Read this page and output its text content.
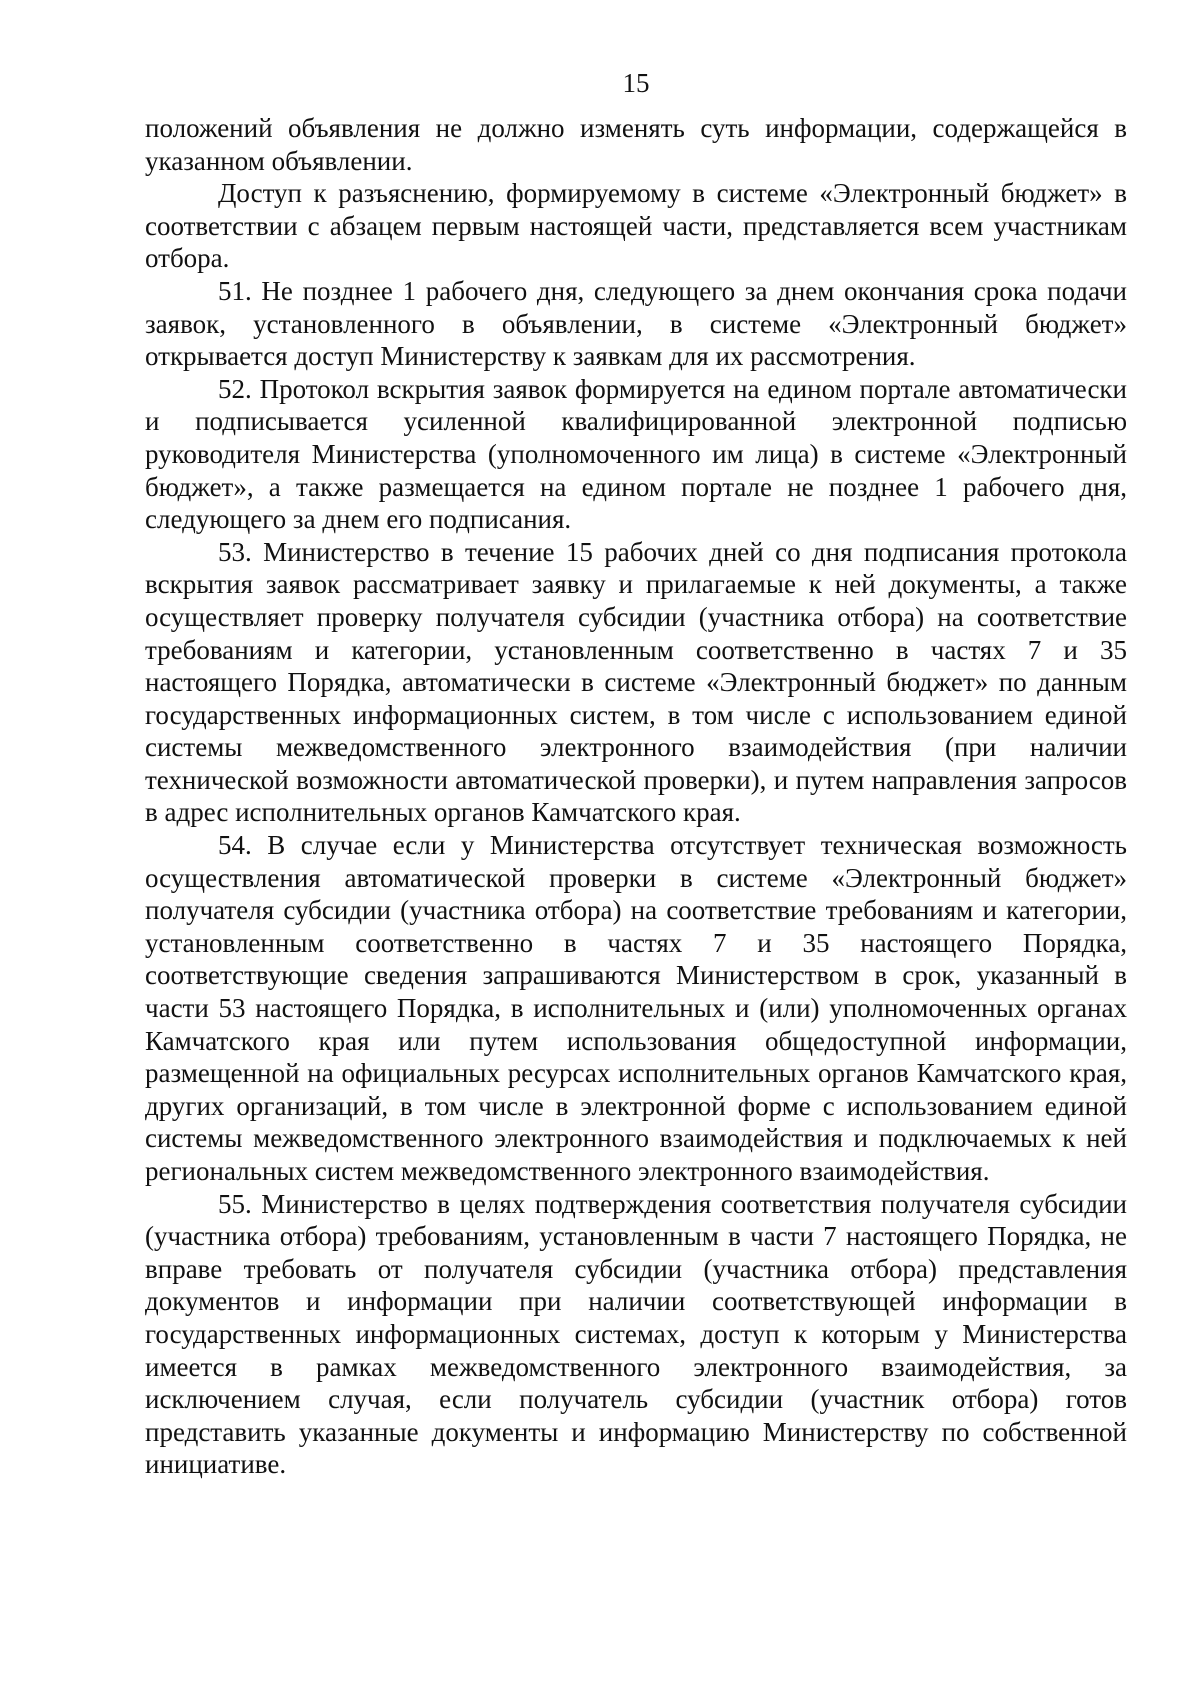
15

положений объявления не должно изменять суть информации, содержащейся в указанном объявлении.

Доступ к разъяснению, формируемому в системе «Электронный бюджет» в соответствии с абзацем первым настоящей части, представляется всем участникам отбора.

51. Не позднее 1 рабочего дня, следующего за днем окончания срока подачи заявок, установленного в объявлении, в системе «Электронный бюджет» открывается доступ Министерству к заявкам для их рассмотрения.

52. Протокол вскрытия заявок формируется на едином портале автоматически и подписывается усиленной квалифицированной электронной подписью руководителя Министерства (уполномоченного им лица) в системе «Электронный бюджет», а также размещается на едином портале не позднее 1 рабочего дня, следующего за днем его подписания.

53. Министерство в течение 15 рабочих дней со дня подписания протокола вскрытия заявок рассматривает заявку и прилагаемые к ней документы, а также осуществляет проверку получателя субсидии (участника отбора) на соответствие требованиям и категории, установленным соответственно в частях 7 и 35 настоящего Порядка, автоматически в системе «Электронный бюджет» по данным государственных информационных систем, в том числе с использованием единой системы межведомственного электронного взаимодействия (при наличии технической возможности автоматической проверки), и путем направления запросов в адрес исполнительных органов Камчатского края.

54. В случае если у Министерства отсутствует техническая возможность осуществления автоматической проверки в системе «Электронный бюджет» получателя субсидии (участника отбора) на соответствие требованиям и категории, установленным соответственно в частях 7 и 35 настоящего Порядка, соответствующие сведения запрашиваются Министерством в срок, указанный в части 53 настоящего Порядка, в исполнительных и (или) уполномоченных органах Камчатского края или путем использования общедоступной информации, размещенной на официальных ресурсах исполнительных органов Камчатского края, других организаций, в том числе в электронной форме с использованием единой системы межведомственного электронного взаимодействия и подключаемых к ней региональных систем межведомственного электронного взаимодействия.

55. Министерство в целях подтверждения соответствия получателя субсидии (участника отбора) требованиям, установленным в части 7 настоящего Порядка, не вправе требовать от получателя субсидии (участника отбора) представления документов и информации при наличии соответствующей информации в государственных информационных системах, доступ к которым у Министерства имеется в рамках межведомственного электронного взаимодействия, за исключением случая, если получатель субсидии (участник отбора) готов представить указанные документы и информацию Министерству по собственной инициативе.
